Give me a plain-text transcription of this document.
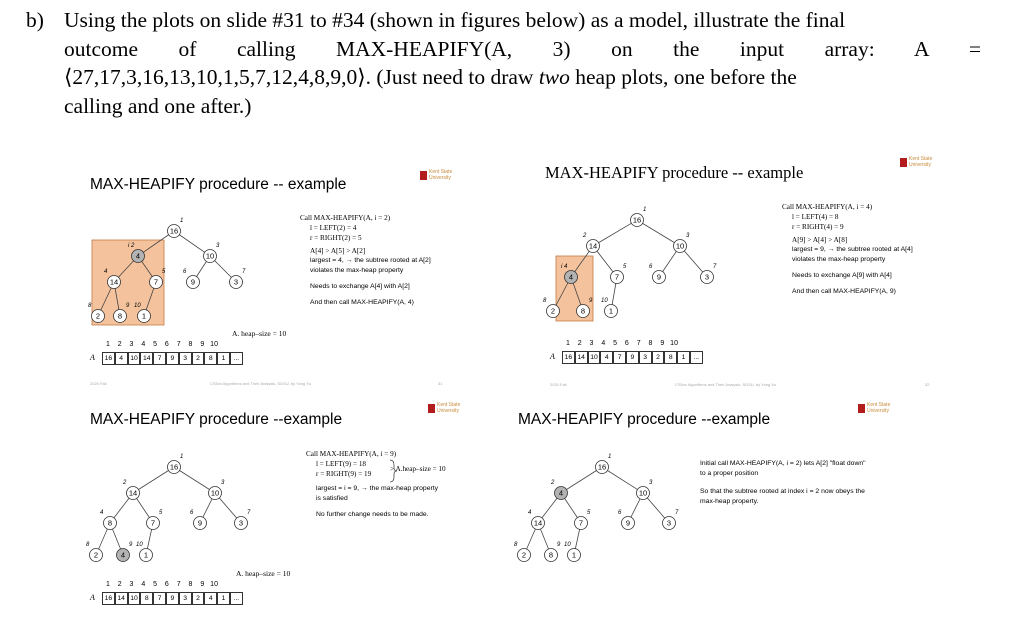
b) Using the plots on slide #31 to #34 (shown in figures below) as a model, illustrate the final
outcome of calling MAX-HEAPIFY(A, 3) on the input array: A =
⟨27,17,3,16,13,10,1,5,7,12,4,8,9,0⟩. (Just need to draw two heap plots, one before the
calling and one after.)
MAX-HEAPIFY procedure -- example
Kent State University
16
1
4
i 2
10
3
14
4
7
5
9
6
3
7
2
8
8
9
1
10
Call MAX-HEAPIFY(A, i = 2)
l = LEFT(2) = 4
r = RIGHT(2) = 5
A[4] > A[5] > A[2]
largest = 4, → the subtree rooted at A[2]
violates the max-heap property
Needs to exchange A[4] with A[2]
And then call MAX-HEAPIFY(A, 4)
1 2 3 4 5 6 7 8 9 10
A	16	4	10 14	7	9	3	2	8	1	...
A. heap–size = 10
2020 Fall	CS5xx Algorithms and Their Analysis, SDSU, by Yang Xu	31
MAX-HEAPIFY procedure -- example
Kent State University
16
1
14
2
10
3
4
i 4
7
5
9
6
3
7
2
8
8
9
1
10
Call MAX-HEAPIFY(A, i = 4)
l = LEFT(4) = 8
r = RIGHT(4) = 9
A[9] > A[4] > A[8]
largest = 9, → the subtree rooted at A[4]
violates the max-heap property
Needs to exchange A[9] with A[4]
And then call MAX-HEAPIFY(A, 9)
1 2 3 4 5 6 7 8 9 10
A	16 14 10	4	7	9	3	2	8	1	...
2020 Fall	CS5xx Algorithms and Their Analysis, SDSU, by Yang Xu	32
MAX-HEAPIFY procedure --example
Kent State University
16
1
14
2
10
3
8
4
7
5
9
6
3
7
2
8
4
9
1
10
Call MAX-HEAPIFY(A, i = 9)
l = LEFT(9) = 18
r = RIGHT(9) = 19
> A.heap–size = 10
largest = i = 9, → the max-heap property
is satisfied
No further change needs to be made.
1 2 3 4 5 6 7 8 9 10
A	16 14 10	8	7	9	3	2	4	1	...
A. heap–size = 10
MAX-HEAPIFY procedure --example
Kent State University
16
1
4
2
10
3
14
4
7
5
9
6
3
7
2
8
8
9
1
10
Initial call MAX-HEAPIFY(A, i = 2) lets A[2] "float down"
to a proper position
So that the subtree rooted at index i = 2 now obeys the
max-heap property.
